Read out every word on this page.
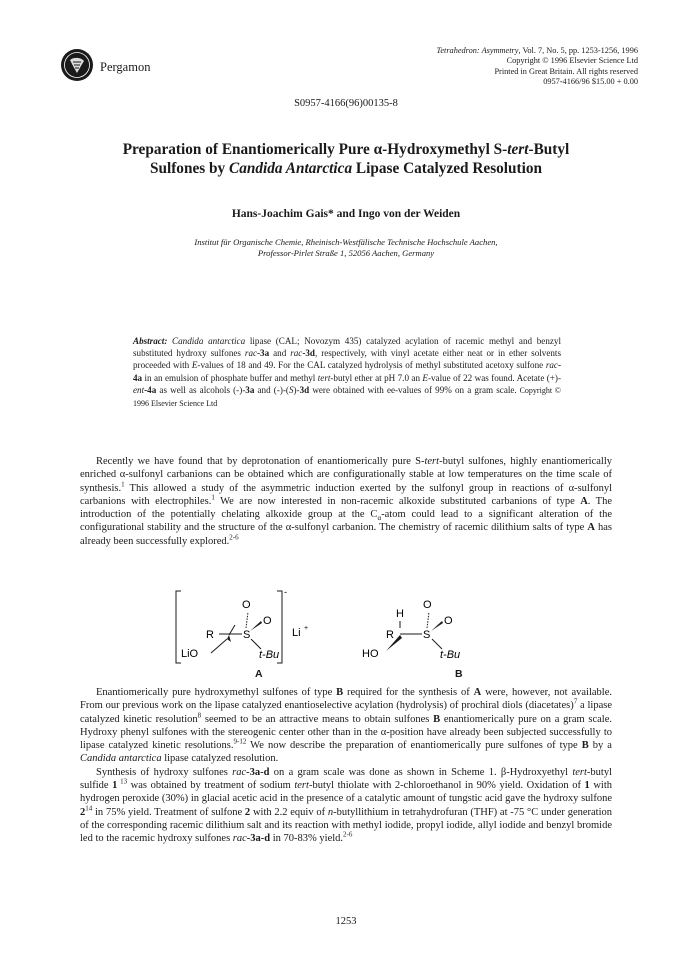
Pergamon
Tetrahedron: Asymmetry, Vol. 7, No. 5, pp. 1253-1256, 1996
Copyright © 1996 Elsevier Science Ltd
Printed in Great Britain. All rights reserved
0957-4166/96 $15.00 + 0.00
S0957-4166(96)00135-8
Preparation of Enantiomerically Pure α-Hydroxymethyl S-tert-Butyl
Sulfones by Candida Antarctica Lipase Catalyzed Resolution
Hans-Joachim Gais* and Ingo von der Weiden
Institut für Organische Chemie, Rheinisch-Westfälische Technische Hochschule Aachen,
Professor-Pirlet Straße 1, 52056 Aachen, Germany
Abstract: Candida antarctica lipase (CAL; Novozym 435) catalyzed acylation of racemic methyl and benzyl substituted hydroxy sulfones rac-3a and rac-3d, respectively, with vinyl acetate either neat or in ether solvents proceeded with E-values of 18 and 49. For the CAL catalyzed hydrolysis of methyl substituted acetoxy sulfone rac-4a in an emulsion of phosphate buffer and methyl tert-butyl ether at pH 7.0 an E-value of 22 was found. Acetate (+)-ent-4a as well as alcohols (-)-3a and (-)-(S)-3d were obtained with ee-values of 99% on a gram scale. Copyright © 1996 Elsevier Science Ltd

Recently we have found that by deprotonation of enantiomerically pure S-tert-butyl sulfones, highly enantiomerically enriched α-sulfonyl carbanions can be obtained which are configurationally stable at low temperatures on the time scale of synthesis.$^1$ This allowed a study of the asymmetric induction exerted by the sulfonyl group in reactions of α-sulfonyl carbanions with electrophiles.$^1$ We are now interested in non-racemic alkoxide substituted carbanions of type A. The introduction of the potentially chelating alkoxide group at the $C_\alpha$-atom could lead to a significant alteration of the configurational stability and the structure of the α-sulfonyl carbanion. The chemistry of racemic dilithium salts of type A has already been successfully explored.$^{2-6}$

-
O
O
R	S
LiO	t-Bu
Li +
H
O
O
R	S
HO	t-Bu
A	B

Enantiomerically pure hydroxymethyl sulfones of type B required for the synthesis of A were, however, not available. From our previous work on the lipase catalyzed enantioselective acylation (hydrolysis) of prochiral diols (diacetates)$^7$ a lipase catalyzed kinetic resolution$^8$ seemed to be an attractive means to obtain sulfones B enantiomerically pure on a gram scale. Hydroxy phenyl sulfones with the stereogenic center other than in the α-position have already been subjected successfully to lipase catalyzed kinetic resolutions.$^{9-12}$ We now describe the preparation of enantiomerically pure sulfones of type B by a Candida antarctica lipase catalyzed resolution.

Synthesis of hydroxy sulfones rac-3a-d on a gram scale was done as shown in Scheme 1. β-Hydroxyethyl tert-butyl sulfide 1 $^{13}$ was obtained by treatment of sodium tert-butyl thiolate with 2-chloroethanol in 90% yield. Oxidation of 1 with hydrogen peroxide (30%) in glacial acetic acid in the presence of a catalytic amount of tungstic acid gave the hydroxy sulfone $2^{14}$ in 75% yield. Treatment of sulfone 2 with 2.2 equiv of n-butyllithium in tetrahydrofuran (THF) at -75 °C under generation of the corresponding racemic dilithium salt and its reaction with methyl iodide, propyl iodide, allyl iodide and benzyl bromide led to the racemic hydroxy sulfones rac-3a-d in 70-83% yield.$^{2-6}$

1253
